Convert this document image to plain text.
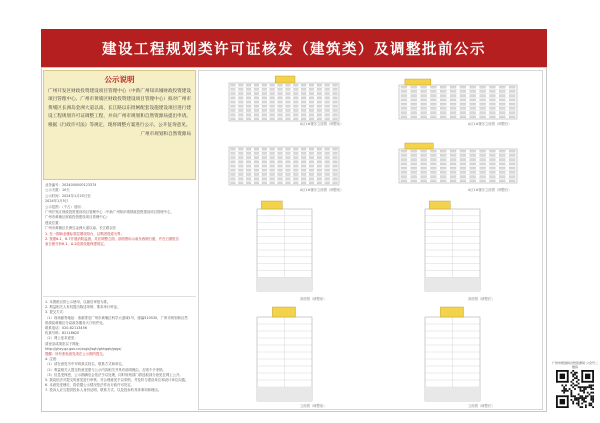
建设工程规划类许可证核发（建筑类）及调整批前公示
公示说明

广州开发区财政投资建设项目管理中心（中新广州知识城财政投资建设项目管理中心、广州市黄埔区财政投资建设项目管理中心）拟对广州市黄埔区长洲岛金洲大道以南、长江路以东批闸配套设施建设项目进行建设工程规划许可证调整工程，并向广州市规划和自然资源局提出申请。根据《行政许可法》等规定，现将调整方案进行公示，公开征询意见。

广州市规划和自然资源局
业务编号：2024000000123374
公示天数：10天
公示时间：2024年1月25日至
2024年1月5日
公示范围：（不占）适用：
广州开发区财政投资建设项目管理中心（中新广州知识城财政投资建设项目管理中心、
广州市黄埔区财政投资建设项目管理中心）
建设位置：
广州市黄埔区长洲岛金洲大道以南、长江路以东
1. 在一期商业楼标准层增设阳台，以集团管道为界；
2. 按照6-1，6-7开展消防监测，对应调整立面，剖面图标示南东西侧日照，并在日照报告
表日照分析6-1、A-2改善设施保建规定。
1. 本图纸仅供公示使用，以最后审批为准。
2. 利益相关人有权提出陈述申辩、要求举行听证。
3. 提交方式：
（1）现场邮寄地址：请邮寄至广州市黄埔区科学大道城1号，邮编510530，广州市规划和自然
资源局黄埔区分局政务服务大厅收件处。
联系电话：020-82113456
传真号码：82118620
（2）网上征求意见：
请登录或浏览以下网址：
http://ghzy.gz.gov.cn/xxgk/jsgh/ghkgqk/gsgs/
提醒：所有张贴意见须在公示期内提交。
4. 注意：
（1）请在意见书中写明真实姓名、联系方式和单位。
（2）利益相关人提交的意见需与公示内容相关并具有说明理由，否则不予采纳。
（3）信息受保密，公示期满后会依法予以处理，同时规划部门将选取部分意见在网上公开。
5. 我局依法对提交的意见进行审核，对合理意见予以采纳，并及时与建设单位和设计单位沟通。
6. 本意见受理后，将依据公示情况依法作出行政许可决定。
7. 投诉人应当提供投诉人身份证明、联系方式、以及投诉的具体事项和理由。
A区1#楼东立面图（调整前）	A区1#楼东立面图（调整后）
A区1#楼东立面图（调整前）	A区1#楼东立面图（调整后）
剖面图（调整前）	剖面图（调整后）
立面图（调整前）	立面图（调整后）
广州市规划和自然资源局 公众号二维码
